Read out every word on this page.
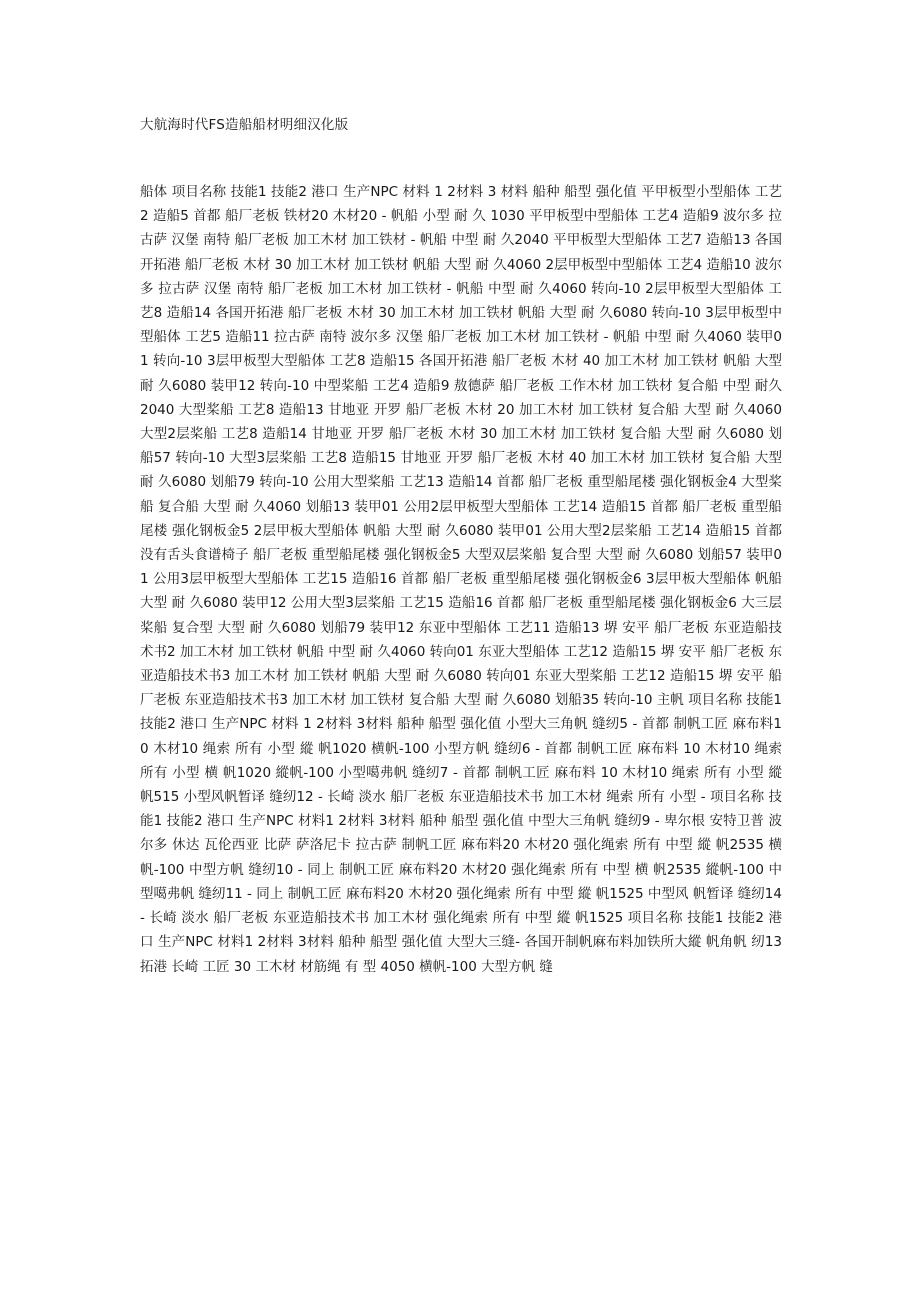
大航海时代FS造船船材明细汉化版
船体 项目名称 技能1 技能2 港口 生产NPC 材料 1 2材料 3 材料 船种 船型 强化值 平甲板型小型船体 工艺2 造船5 首都 船厂老板 铁材20 木材20 - 帆船 小型 耐 久 1030 平甲板型中型船体 工艺4 造船9 波尔多 拉古萨 汉堡 南特 船厂老板 加工木材 加工铁材 - 帆船 中型 耐 久2040 平甲板型大型船体 工艺7 造船13 各国开拓港 船厂老板 木材 30 加工木材 加工铁材 帆船 大型 耐 久4060 2层甲板型中型船体 工艺4 造船10 波尔多 拉古萨 汉堡 南特 船厂老板 加工木材 加工铁材 - 帆船 中型 耐 久4060 转向-10 2层甲板型大型船体 工艺8 造船14 各国开拓港 船厂老板 木材 30 加工木材 加工铁材 帆船 大型 耐 久6080 转向-10 3层甲板型中型船体 工艺5 造船11 拉古萨 南特 波尔多 汉堡 船厂老板 加工木材 加工铁材 - 帆船 中型 耐 久4060 装甲01 转向-10 3层甲板型大型船体 工艺8 造船15 各国开拓港 船厂老板 木材 40 加工木材 加工铁材 帆船 大型 耐 久6080 装甲12 转向-10 中型桨船 工艺4 造船9 敖德萨 船厂老板 工作木材 加工铁材 复合船 中型 耐久 2040 大型桨船 工艺8 造船13 甘地亚 开罗 船厂老板 木材 20 加工木材 加工铁材 复合船 大型 耐 久4060 大型2层桨船 工艺8 造船14 甘地亚 开罗 船厂老板 木材 30 加工木材 加工铁材 复合船 大型 耐 久6080 划船57 转向-10 大型3层桨船 工艺8 造船15 甘地亚 开罗 船厂老板 木材 40 加工木材 加工铁材 复合船 大型 耐 久6080 划船79 转向-10 公用大型桨船 工艺13 造船14 首都 船厂老板 重型船尾楼 强化钢板金4 大型桨船 复合船 大型 耐 久4060 划船13 装甲01 公用2层甲板型大型船体 工艺14 造船15 首都 船厂老板 重型船尾楼 强化钢板金5 2层甲板大型船体 帆船 大型 耐 久6080 装甲01 公用大型2层桨船 工艺14 造船15 首都没有舌头食谱椅子 船厂老板 重型船尾楼 强化钢板金5 大型双层桨船 复合型 大型 耐 久6080 划船57 装甲01 公用3层甲板型大型船体 工艺15 造船16 首都 船厂老板 重型船尾楼 强化钢板金6 3层甲板大型船体 帆船 大型 耐 久6080 装甲12 公用大型3层桨船 工艺15 造船16 首都 船厂老板 重型船尾楼 强化钢板金6 大三层桨船 复合型 大型 耐 久6080 划船79 装甲12 东亚中型船体 工艺11 造船13 堺 安平 船厂老板 东亚造船技术书2 加工木材 加工铁材 帆船 中型 耐 久4060 转向01 东亚大型船体 工艺12 造船15 堺 安平 船厂老板 东亚造船技术书3 加工木材 加工铁材 帆船 大型 耐 久6080 转向01 东亚大型桨船 工艺12 造船15 堺 安平 船厂老板 东亚造船技术书3 加工木材 加工铁材 复合船 大型 耐 久6080 划船35 转向-10 主帆 项目名称 技能1 技能2 港口 生产NPC 材料 1 2材料 3材料 船种 船型 强化值 小型大三角帆 缝纫5 - 首都 制帆工匠 麻布料10 木材10 绳索 所有 小型 縱 帆1020 横帆-100 小型方帆 缝纫6 - 首都 制帆工匠 麻布料 10 木材10 绳索 所有 小型 横 帆1020 縱帆-100 小型噶弗帆 缝纫7 - 首都 制帆工匠 麻布料 10 木材10 绳索 所有 小型 縱 帆515 小型风帆暂译 缝纫12 - 长崎 淡水 船厂老板 东亚造船技术书 加工木材 绳索 所有 小型 - 项目名称 技能1 技能2 港口 生产NPC 材料1 2材料 3材料 船种 船型 强化值 中型大三角帆 缝纫9 - 卑尔根 安特卫普 波尔多 休达 瓦伦西亚 比萨 萨洛尼卡 拉古萨 制帆工匠 麻布料20 木材20 强化绳索 所有 中型 縱 帆2535 横帆-100 中型方帆 缝纫10 - 同上 制帆工匠 麻布料20 木材20 强化绳索 所有 中型 横 帆2535 縱帆-100 中型噶弗帆 缝纫11 - 同上 制帆工匠 麻布料20 木材20 强化绳索 所有 中型 縱 帆1525 中型风 帆暂译 缝纫14 - 长崎 淡水 船厂老板 东亚造船技术书 加工木材 强化绳索 所有 中型 縱 帆1525 项目名称 技能1 技能2 港口 生产NPC 材料1 2材料 3材料 船种 船型 强化值 大型大三缝- 各国开制帆麻布料加铁所大縱 帆角帆 纫13 拓港 长崎 工匠 30 工木材 材筋绳 有 型 4050 横帆-100 大型方帆 缝
